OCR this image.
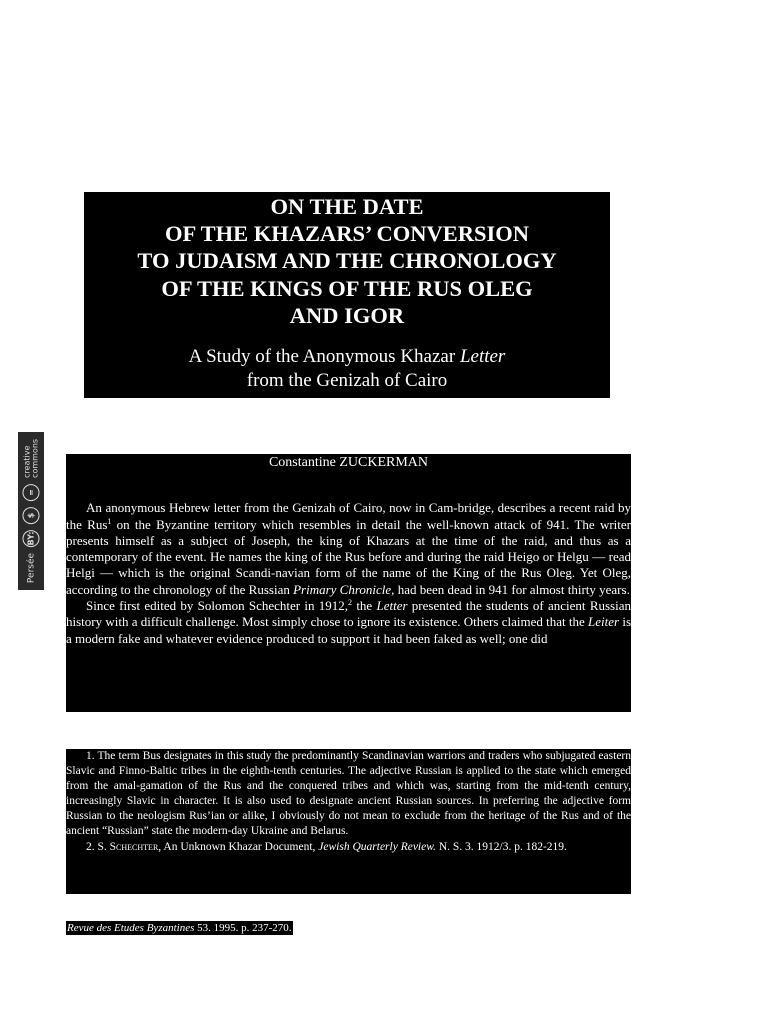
ON THE DATE
OF THE KHAZARS’ CONVERSION
TO JUDAISM AND THE CHRONOLOGY
OF THE KINGS OF THE RUS OLEG
AND IGOR
A Study of the Anonymous Khazar Letter
from the Genizah of Cairo
Persée
BY:
$
=
creative
commons	Constantine ZUCKERMAN

An anonymous Hebrew letter from the Genizah of Cairo, now in Cam-bridge, describes a recent raid by the Rus$^1$ on the Byzantine territory which resembles in detail the well-known attack of 941. The writer presents himself as a subject of Joseph, the king of Khazars at the time of the raid, and thus as a contemporary of the event. He names the king of the Rus before and during the raid Heigo or Helgu — read Helgi — which is the original Scandi-navian form of the name of the King of the Rus Oleg. Yet Oleg, according to the chronology of the Russian Primary Chronicle, had been dead in 941 for almost thirty years.

Since first edited by Solomon Schechter in 1912,$^2$ the Letter presented the students of ancient Russian history with a difficult challenge. Most simply chose to ignore its existence. Others claimed that the Leiter is a modern fake and whatever evidence produced to support it had been faked as well; one did

1. The term Bus designates in this study the predominantly Scandinavian warriors and traders who subjugated eastern Slavic and Finno-Baltic tribes in the eighth-tenth centuries. The adjective Russian is applied to the state which emerged from the amal-gamation of the Rus and the conquered tribes and which was, starting from the mid-tenth century, increasingly Slavic in character. It is also used to designate ancient Russian sources. In preferring the adjective form Russian to the neologism Rus’ian or alike, I obviously do not mean to exclude from the heritage of the Rus and of the ancient “Russian” state the modern-day Ukraine and Belarus.

2. S. Schechter, An Unknown Khazar Document, Jewish Quarterly Review. N. S. 3. 1912/3. p. 182-219.

Revue des Etudes Byzantines 53. 1995. p. 237-270.
